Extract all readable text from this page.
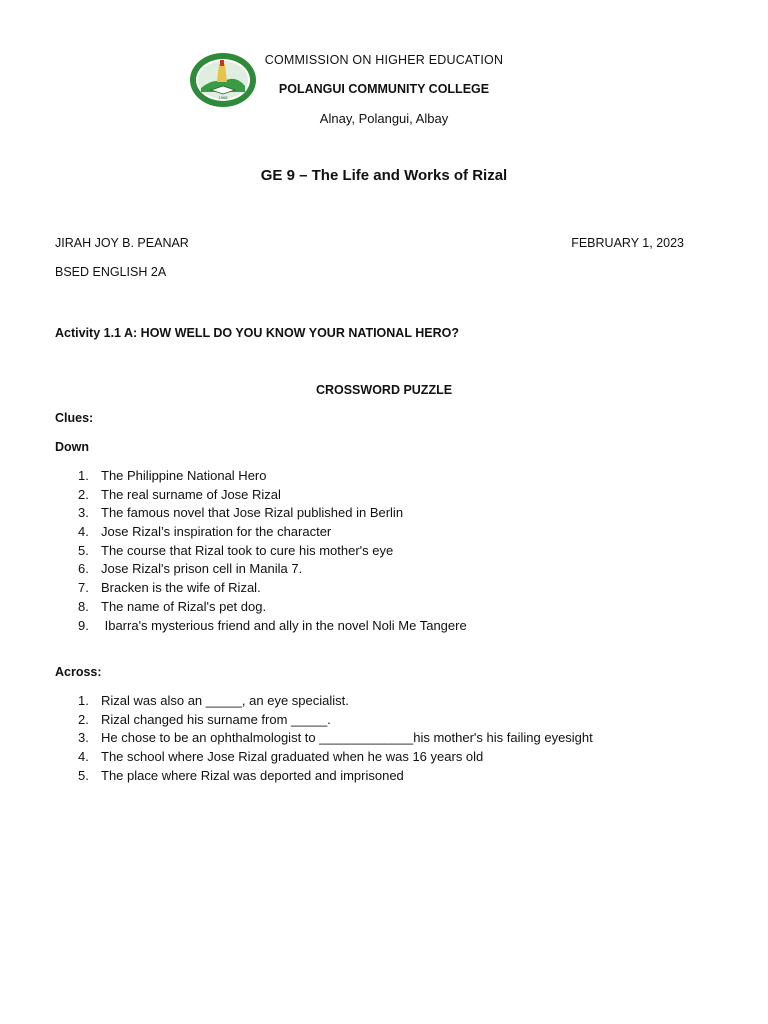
1968
COMMISSION ON HIGHER EDUCATION
POLANGUI COMMUNITY COLLEGE
Alnay, Polangui, Albay
GE 9 – The Life and Works of Rizal
JIRAH JOY B. PEANAR	FEBRUARY 1, 2023
BSED ENGLISH 2A
Activity 1.1 A: HOW WELL DO YOU KNOW YOUR NATIONAL HERO?
CROSSWORD PUZZLE
Clues:
Down
1. The Philippine National Hero
2. The real surname of Jose Rizal
3. The famous novel that Jose Rizal published in Berlin
4. Jose Rizal’s inspiration for the character
5. The course that Rizal took to cure his mother's eye
6. Jose Rizal's prison cell in Manila 7.
7. Bracken is the wife of Rizal.
8. The name of Rizal's pet dog.
9. Ibarra's mysterious friend and ally in the novel Noli Me Tangere
Across:
1. Rizal was also an _____, an eye specialist.
2. Rizal changed his surname from _____.
3. He chose to be an ophthalmologist to _____________his mother's his failing eyesight
4. The school where Jose Rizal graduated when he was 16 years old
5. The place where Rizal was deported and imprisoned
